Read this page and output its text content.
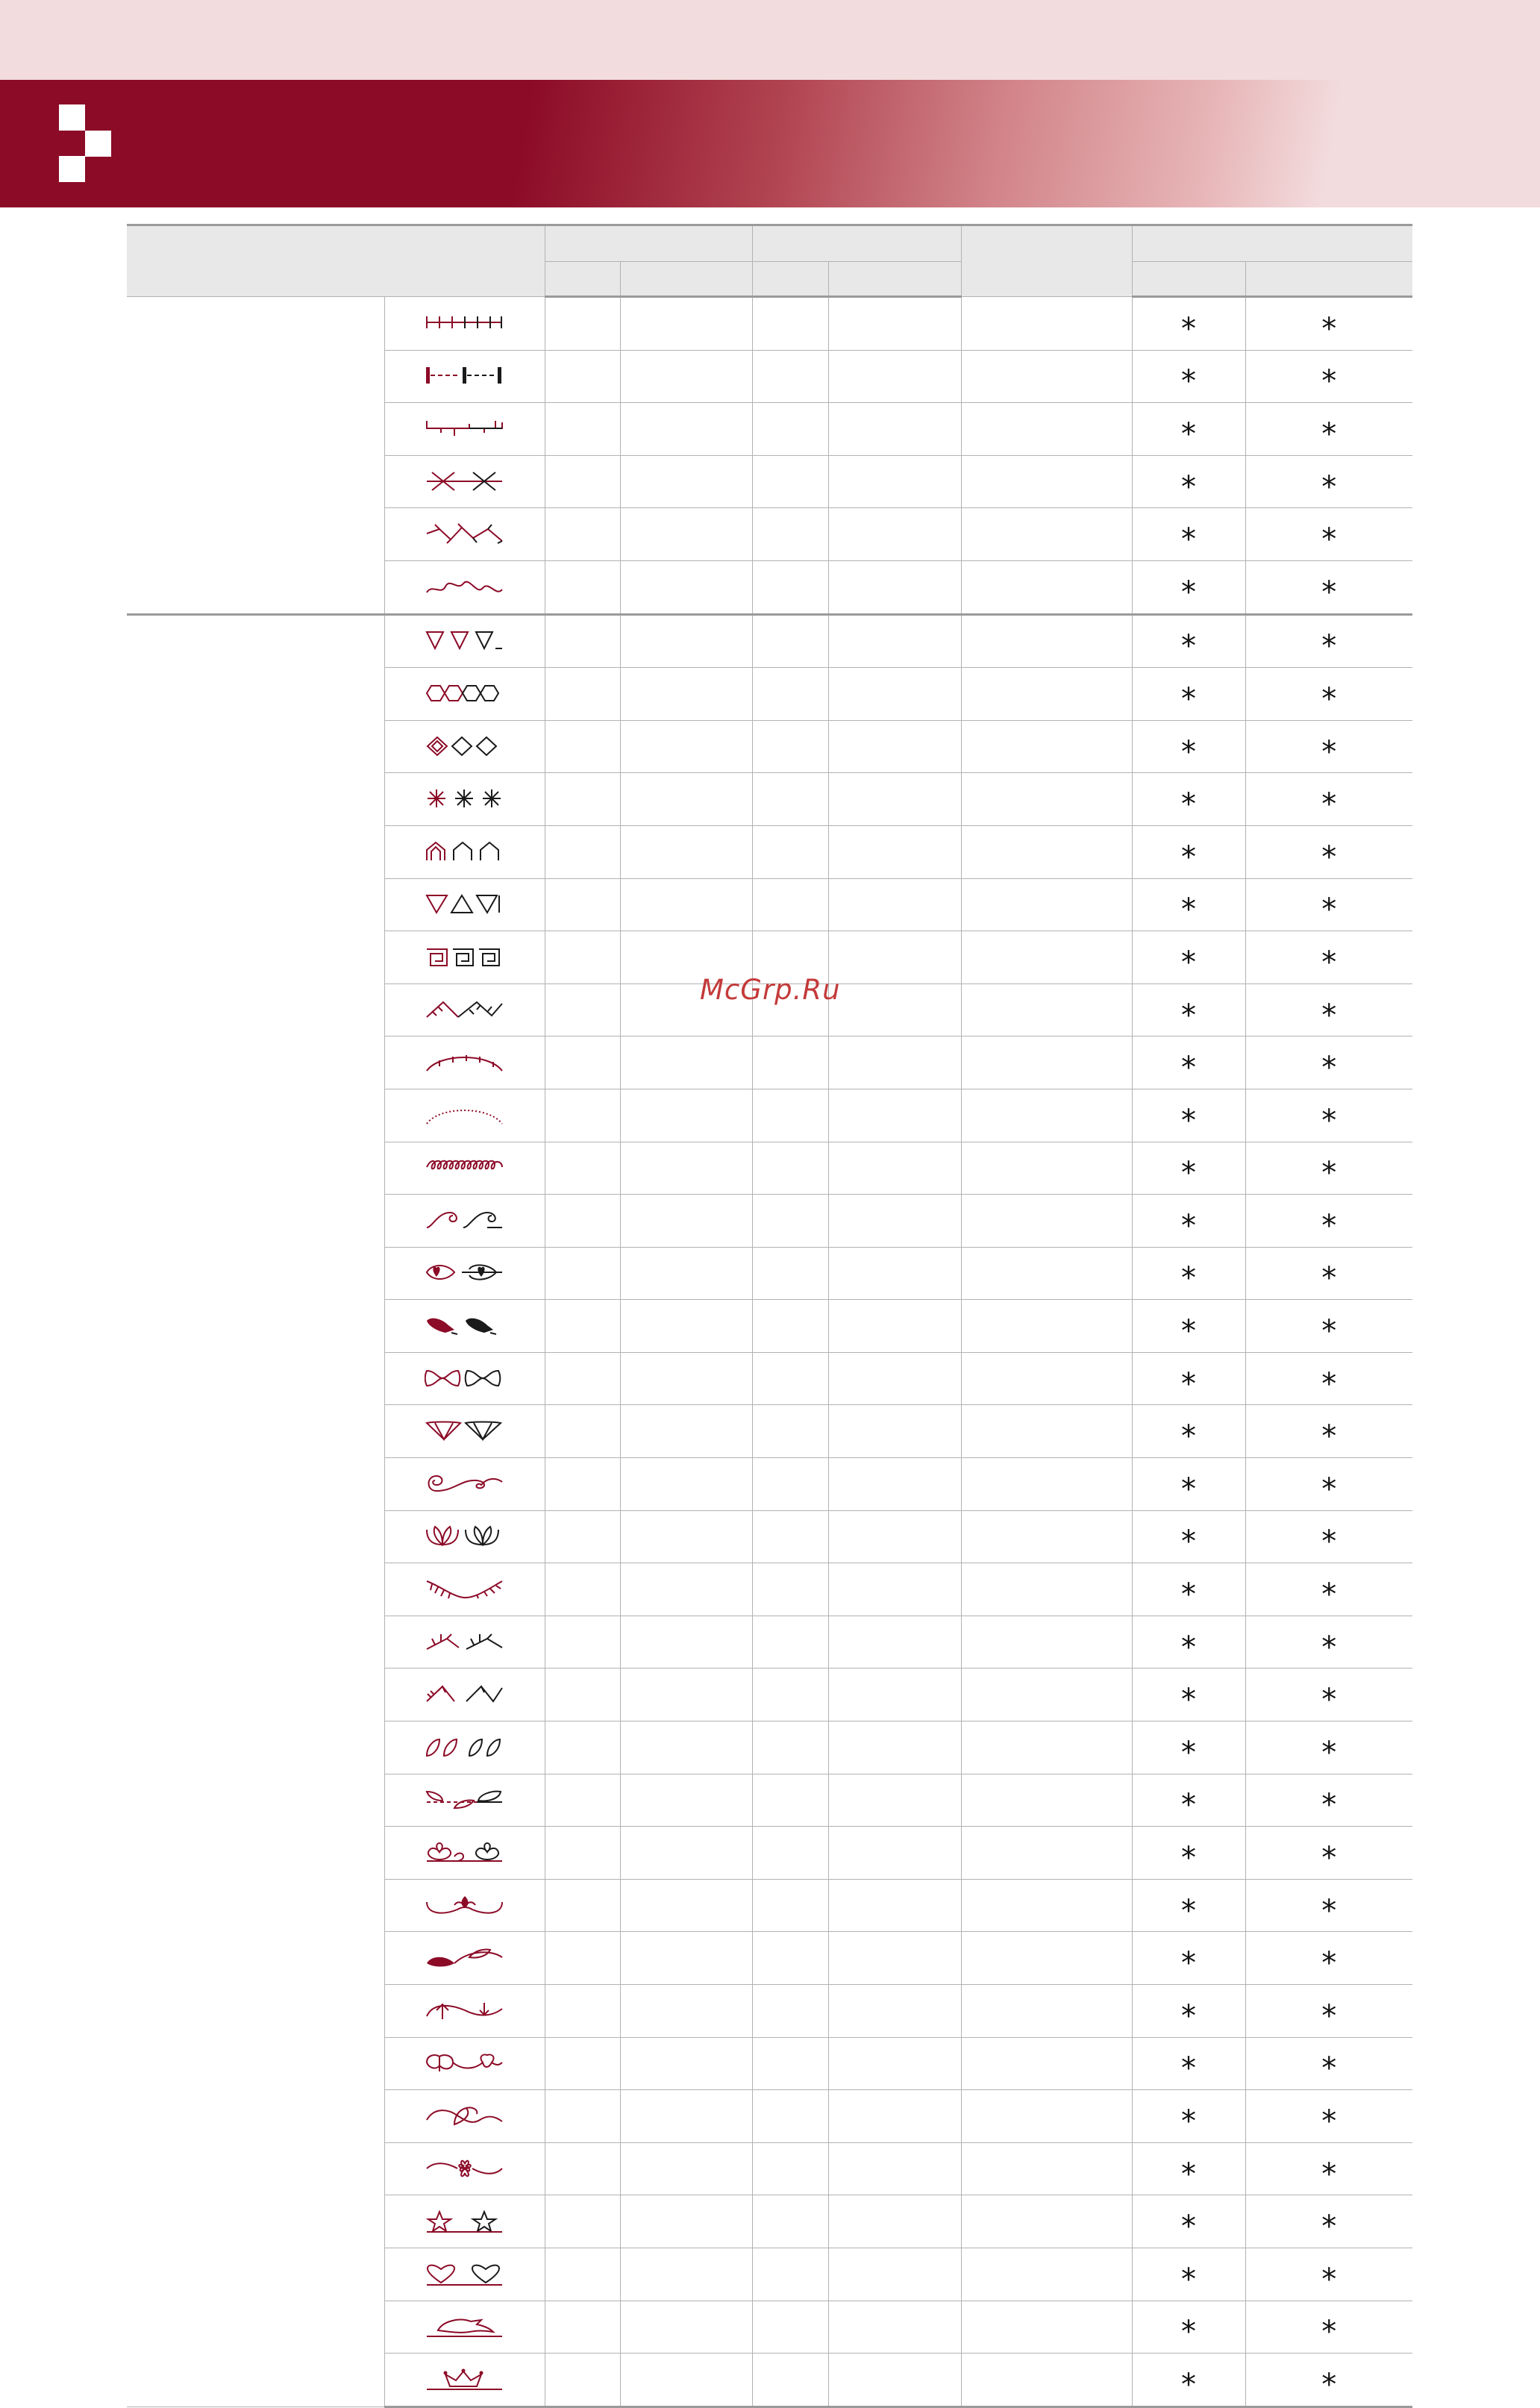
						*	*

						*	*

						*	*

						*	*

						*	*

						*	*

						*	*

						*	*

						*	*

						*	*

						*	*

						*	*

						*	*

						*	*

						*	*

						*	*

						*	*

						*	*

						*	*

						*	*

						*	*

						*	*

						*	*

						*	*

						*	*

						*	*

						*	*

						*	*

						*	*

						*	*

						*	*

						*	*

						*	*

						*	*

						*	*

						*	*

						*	*

						*	*

						*	*

						*	*
McGrp.Ru
